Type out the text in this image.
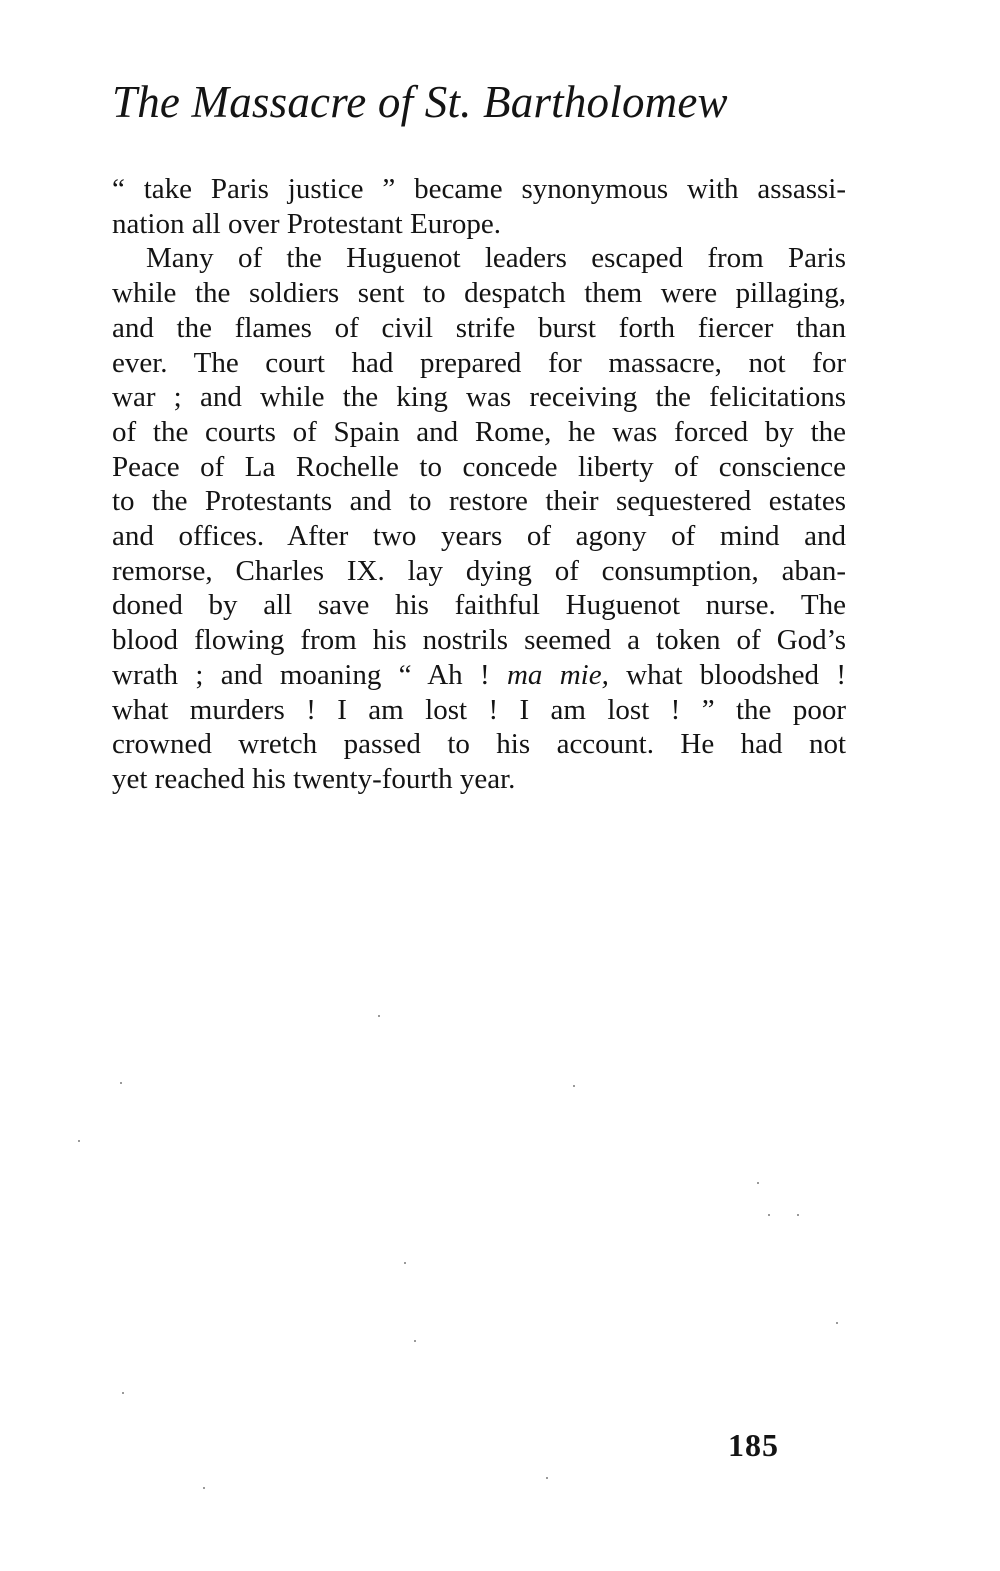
The Massacre of St. Bartholomew
“ take Paris justice ” became synonymous with assassi-
nation all over Protestant Europe.
Many of the Huguenot leaders escaped from Paris
while the soldiers sent to despatch them were pillaging,
and the flames of civil strife burst forth fiercer than
ever. The court had prepared for massacre, not for
war ; and while the king was receiving the felicitations
of the courts of Spain and Rome, he was forced by the
Peace of La Rochelle to concede liberty of conscience
to the Protestants and to restore their sequestered estates
and offices. After two years of agony of mind and
remorse, Charles IX. lay dying of consumption, aban-
doned by all save his faithful Huguenot nurse. The
blood flowing from his nostrils seemed a token of God’s
wrath ; and moaning “ Ah ! ma mie, what bloodshed !
what murders ! I am lost ! I am lost ! ” the poor
crowned wretch passed to his account. He had not
yet reached his twenty-fourth year.
185
